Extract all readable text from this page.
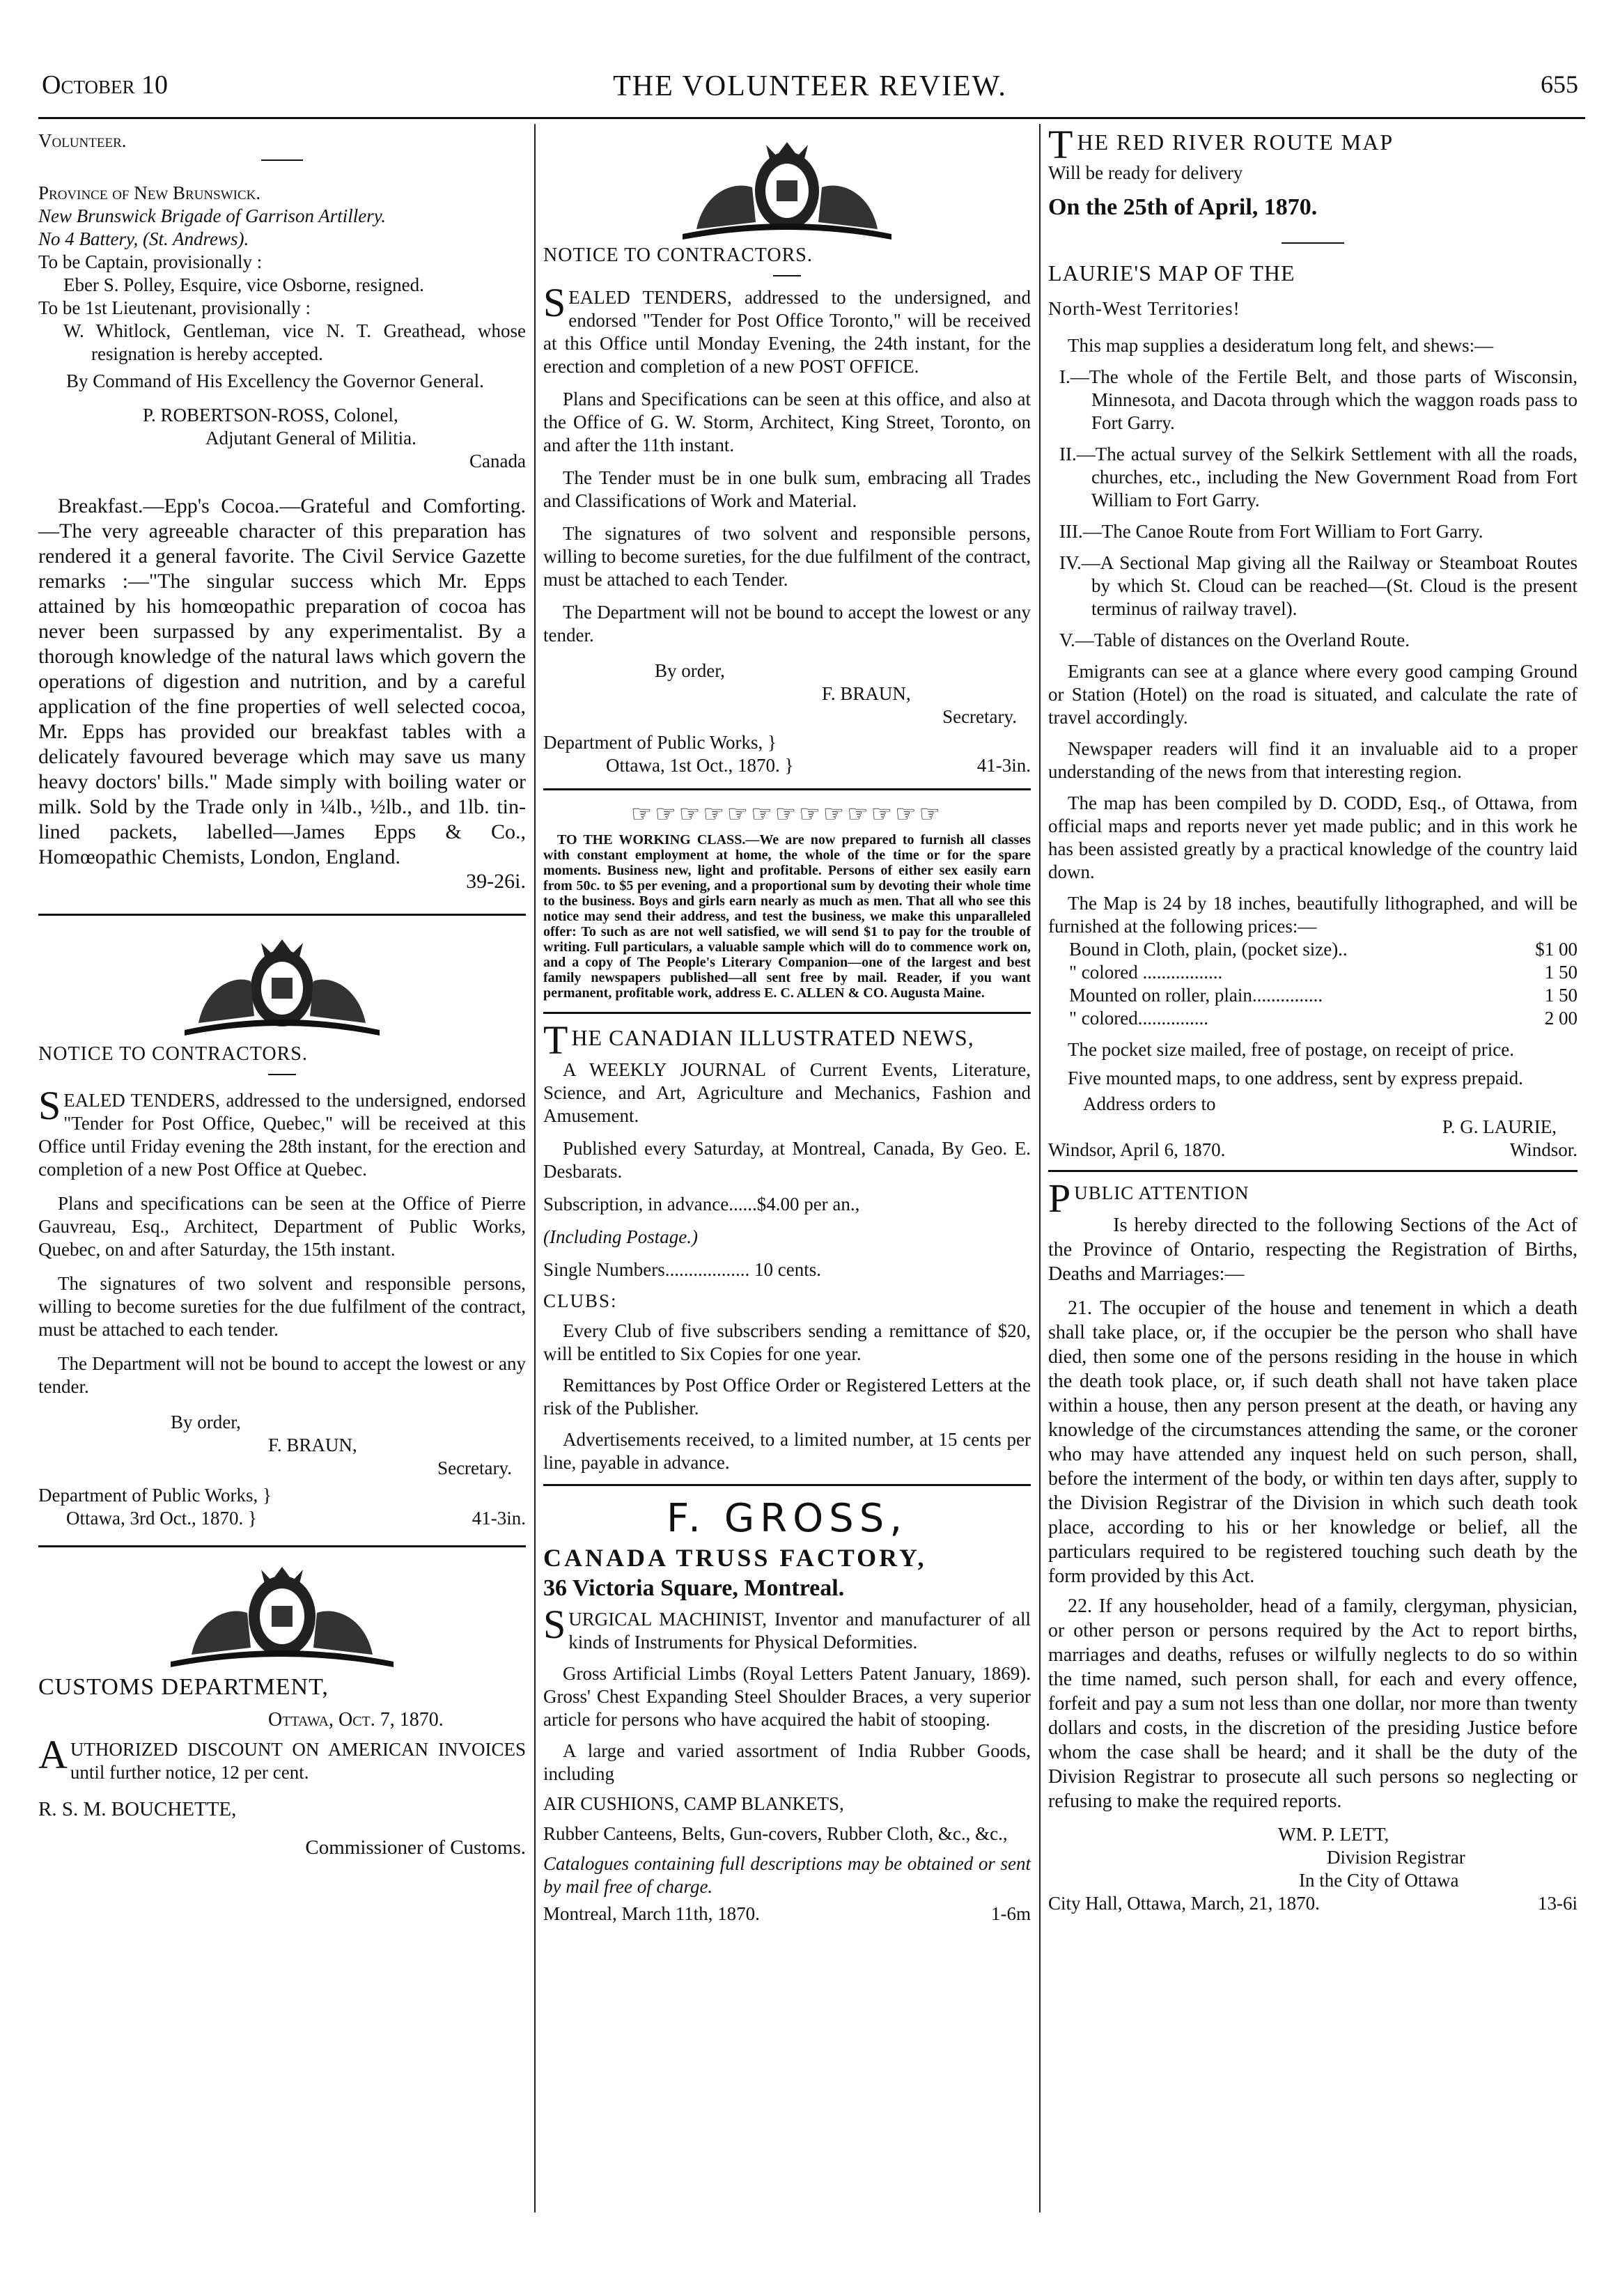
October 10	THE VOLUNTEER REVIEW.	655
Volunteer.
Province of New Brunswick.
New Brunswick Brigade of Garrison Artillery.
No 4 Battery, (St. Andrews).
To be Captain, provisionally :
Eber S. Polley, Esquire, vice Osborne, resigned.
To be 1st Lieutenant, provisionally :
W. Whitlock, Gentleman, vice N. T. Greathead, whose resignation is hereby accepted.
By Command of His Excellency the Governor General.
P. ROBERTSON-ROSS, Colonel,
Adjutant General of Militia.
Canada
Breakfast.—Epp's Cocoa.—Grateful and Comforting.—The very agreeable character of this preparation has rendered it a general favorite. The Civil Service Gazette remarks :—"The singular success which Mr. Epps attained by his homœopathic preparation of cocoa has never been surpassed by any experimentalist. By a thorough knowledge of the natural laws which govern the operations of digestion and nutrition, and by a careful application of the fine properties of well selected cocoa, Mr. Epps has provided our breakfast tables with a delicately favoured beverage which may save us many heavy doctors' bills." Made simply with boiling water or milk. Sold by the Trade only in ¼lb., ½lb., and 1lb. tin-lined packets, labelled—James Epps & Co., Homœopathic Chemists, London, England.
39-26i.
NOTICE TO CONTRACTORS.
SEALED TENDERS, addressed to the undersigned, endorsed "Tender for Post Office, Quebec," will be received at this Office until Friday evening the 28th instant, for the erection and completion of a new Post Office at Quebec.
Plans and specifications can be seen at the Office of Pierre Gauvreau, Esq., Architect, Department of Public Works, Quebec, on and after Saturday, the 15th instant.
The signatures of two solvent and responsible persons, willing to become sureties for the due fulfilment of the contract, must be attached to each tender.
The Department will not be bound to accept the lowest or any tender.
By order,
F. BRAUN,
Secretary.
Department of Public Works, }
Ottawa, 3rd Oct., 1870. }	41-3in.
CUSTOMS DEPARTMENT,
Ottawa, Oct. 7, 1870.
AUTHORIZED DISCOUNT ON AMERICAN INVOICES until further notice, 12 per cent.
R. S. M. BOUCHETTE,
Commissioner of Customs.
NOTICE TO CONTRACTORS.
SEALED TENDERS, addressed to the undersigned, and endorsed "Tender for Post Office Toronto," will be received at this Office until Monday Evening, the 24th instant, for the erection and completion of a new POST OFFICE.
Plans and Specifications can be seen at this office, and also at the Office of G. W. Storm, Architect, King Street, Toronto, on and after the 11th instant.
The Tender must be in one bulk sum, embracing all Trades and Classifications of Work and Material.
The signatures of two solvent and responsible persons, willing to become sureties, for the due fulfilment of the contract, must be attached to each Tender.
The Department will not be bound to accept the lowest or any tender.
By order,
F. BRAUN,
Secretary.
Department of Public Works, }
Ottawa, 1st Oct., 1870. }	41-3in.
☞☞☞☞☞☞☞☞☞☞☞☞☞
TO THE WORKING CLASS.—We are now prepared to furnish all classes with constant employment at home, the whole of the time or for the spare moments. Business new, light and profitable. Persons of either sex easily earn from 50c. to $5 per evening, and a proportional sum by devoting their whole time to the business. Boys and girls earn nearly as much as men. That all who see this notice may send their address, and test the business, we make this unparalleled offer: To such as are not well satisfied, we will send $1 to pay for the trouble of writing. Full particulars, a valuable sample which will do to commence work on, and a copy of The People's Literary Companion—one of the largest and best family newspapers published—all sent free by mail. Reader, if you want permanent, profitable work, address E. C. ALLEN & CO. Augusta Maine.
THE CANADIAN ILLUSTRATED NEWS,
A WEEKLY JOURNAL of Current Events, Literature, Science, and Art, Agriculture and Mechanics, Fashion and Amusement.
Published every Saturday, at Montreal, Canada, By Geo. E. Desbarats.
Subscription, in advance......$4.00 per an.,
(Including Postage.)
Single Numbers.................. 10 cents.
CLUBS:
Every Club of five subscribers sending a remittance of $20, will be entitled to Six Copies for one year.
Remittances by Post Office Order or Registered Letters at the risk of the Publisher.
Advertisements received, to a limited number, at 15 cents per line, payable in advance.
F. GROSS,
CANADA TRUSS FACTORY,
36 Victoria Square, Montreal.
SURGICAL MACHINIST, Inventor and manufacturer of all kinds of Instruments for Physical Deformities.
Gross Artificial Limbs (Royal Letters Patent January, 1869). Gross' Chest Expanding Steel Shoulder Braces, a very superior article for persons who have acquired the habit of stooping.
A large and varied assortment of India Rubber Goods, including
AIR CUSHIONS, CAMP BLANKETS,
Rubber Canteens, Belts, Gun-covers, Rubber Cloth, &c., &c.,
Catalogues containing full descriptions may be obtained or sent by mail free of charge.
Montreal, March 11th, 1870.	1-6m
THE RED RIVER ROUTE MAP
Will be ready for delivery
On the 25th of April, 1870.
LAURIE'S MAP OF THE
North-West Territories!
This map supplies a desideratum long felt, and shews:—
I.—The whole of the Fertile Belt, and those parts of Wisconsin, Minnesota, and Dacota through which the waggon roads pass to Fort Garry.
II.—The actual survey of the Selkirk Settlement with all the roads, churches, etc., including the New Government Road from Fort William to Fort Garry.
III.—The Canoe Route from Fort William to Fort Garry.
IV.—A Sectional Map giving all the Railway or Steamboat Routes by which St. Cloud can be reached—(St. Cloud is the present terminus of railway travel).
V.—Table of distances on the Overland Route.
Emigrants can see at a glance where every good camping Ground or Station (Hotel) on the road is situated, and calculate the rate of travel accordingly.
Newspaper readers will find it an invaluable aid to a proper understanding of the news from that interesting region.
The map has been compiled by D. CODD, Esq., of Ottawa, from official maps and reports never yet made public; and in this work he has been assisted greatly by a practical knowledge of the country laid down.
The Map is 24 by 18 inches, beautifully lithographed, and will be furnished at the following prices:—
Bound in Cloth, plain, (pocket size)..	$1 00
" colored .................	1 50
Mounted on roller, plain...............	1 50
" colored...............	2 00
The pocket size mailed, free of postage, on receipt of price.
Five mounted maps, to one address, sent by express prepaid.
Address orders to
P. G. LAURIE,
Windsor, April 6, 1870.	Windsor.
PUBLIC ATTENTION
Is hereby directed to the following Sections of the Act of the Province of Ontario, respecting the Registration of Births, Deaths and Marriages:—
21. The occupier of the house and tenement in which a death shall take place, or, if the occupier be the person who shall have died, then some one of the persons residing in the house in which the death took place, or, if such death shall not have taken place within a house, then any person present at the death, or having any knowledge of the circumstances attending the same, or the coroner who may have attended any inquest held on such person, shall, before the interment of the body, or within ten days after, supply to the Division Registrar of the Division in which such death took place, according to his or her knowledge or belief, all the particulars required to be registered touching such death by the form provided by this Act.
22. If any householder, head of a family, clergyman, physician, or other person or persons required by the Act to report births, marriages and deaths, refuses or wilfully neglects to do so within the time named, such person shall, for each and every offence, forfeit and pay a sum not less than one dollar, nor more than twenty dollars and costs, in the discretion of the presiding Justice before whom the case shall be heard; and it shall be the duty of the Division Registrar to prosecute all such persons so neglecting or refusing to make the required reports.
WM. P. LETT,
Division Registrar
In the City of Ottawa
City Hall, Ottawa, March, 21, 1870.	13-6i
